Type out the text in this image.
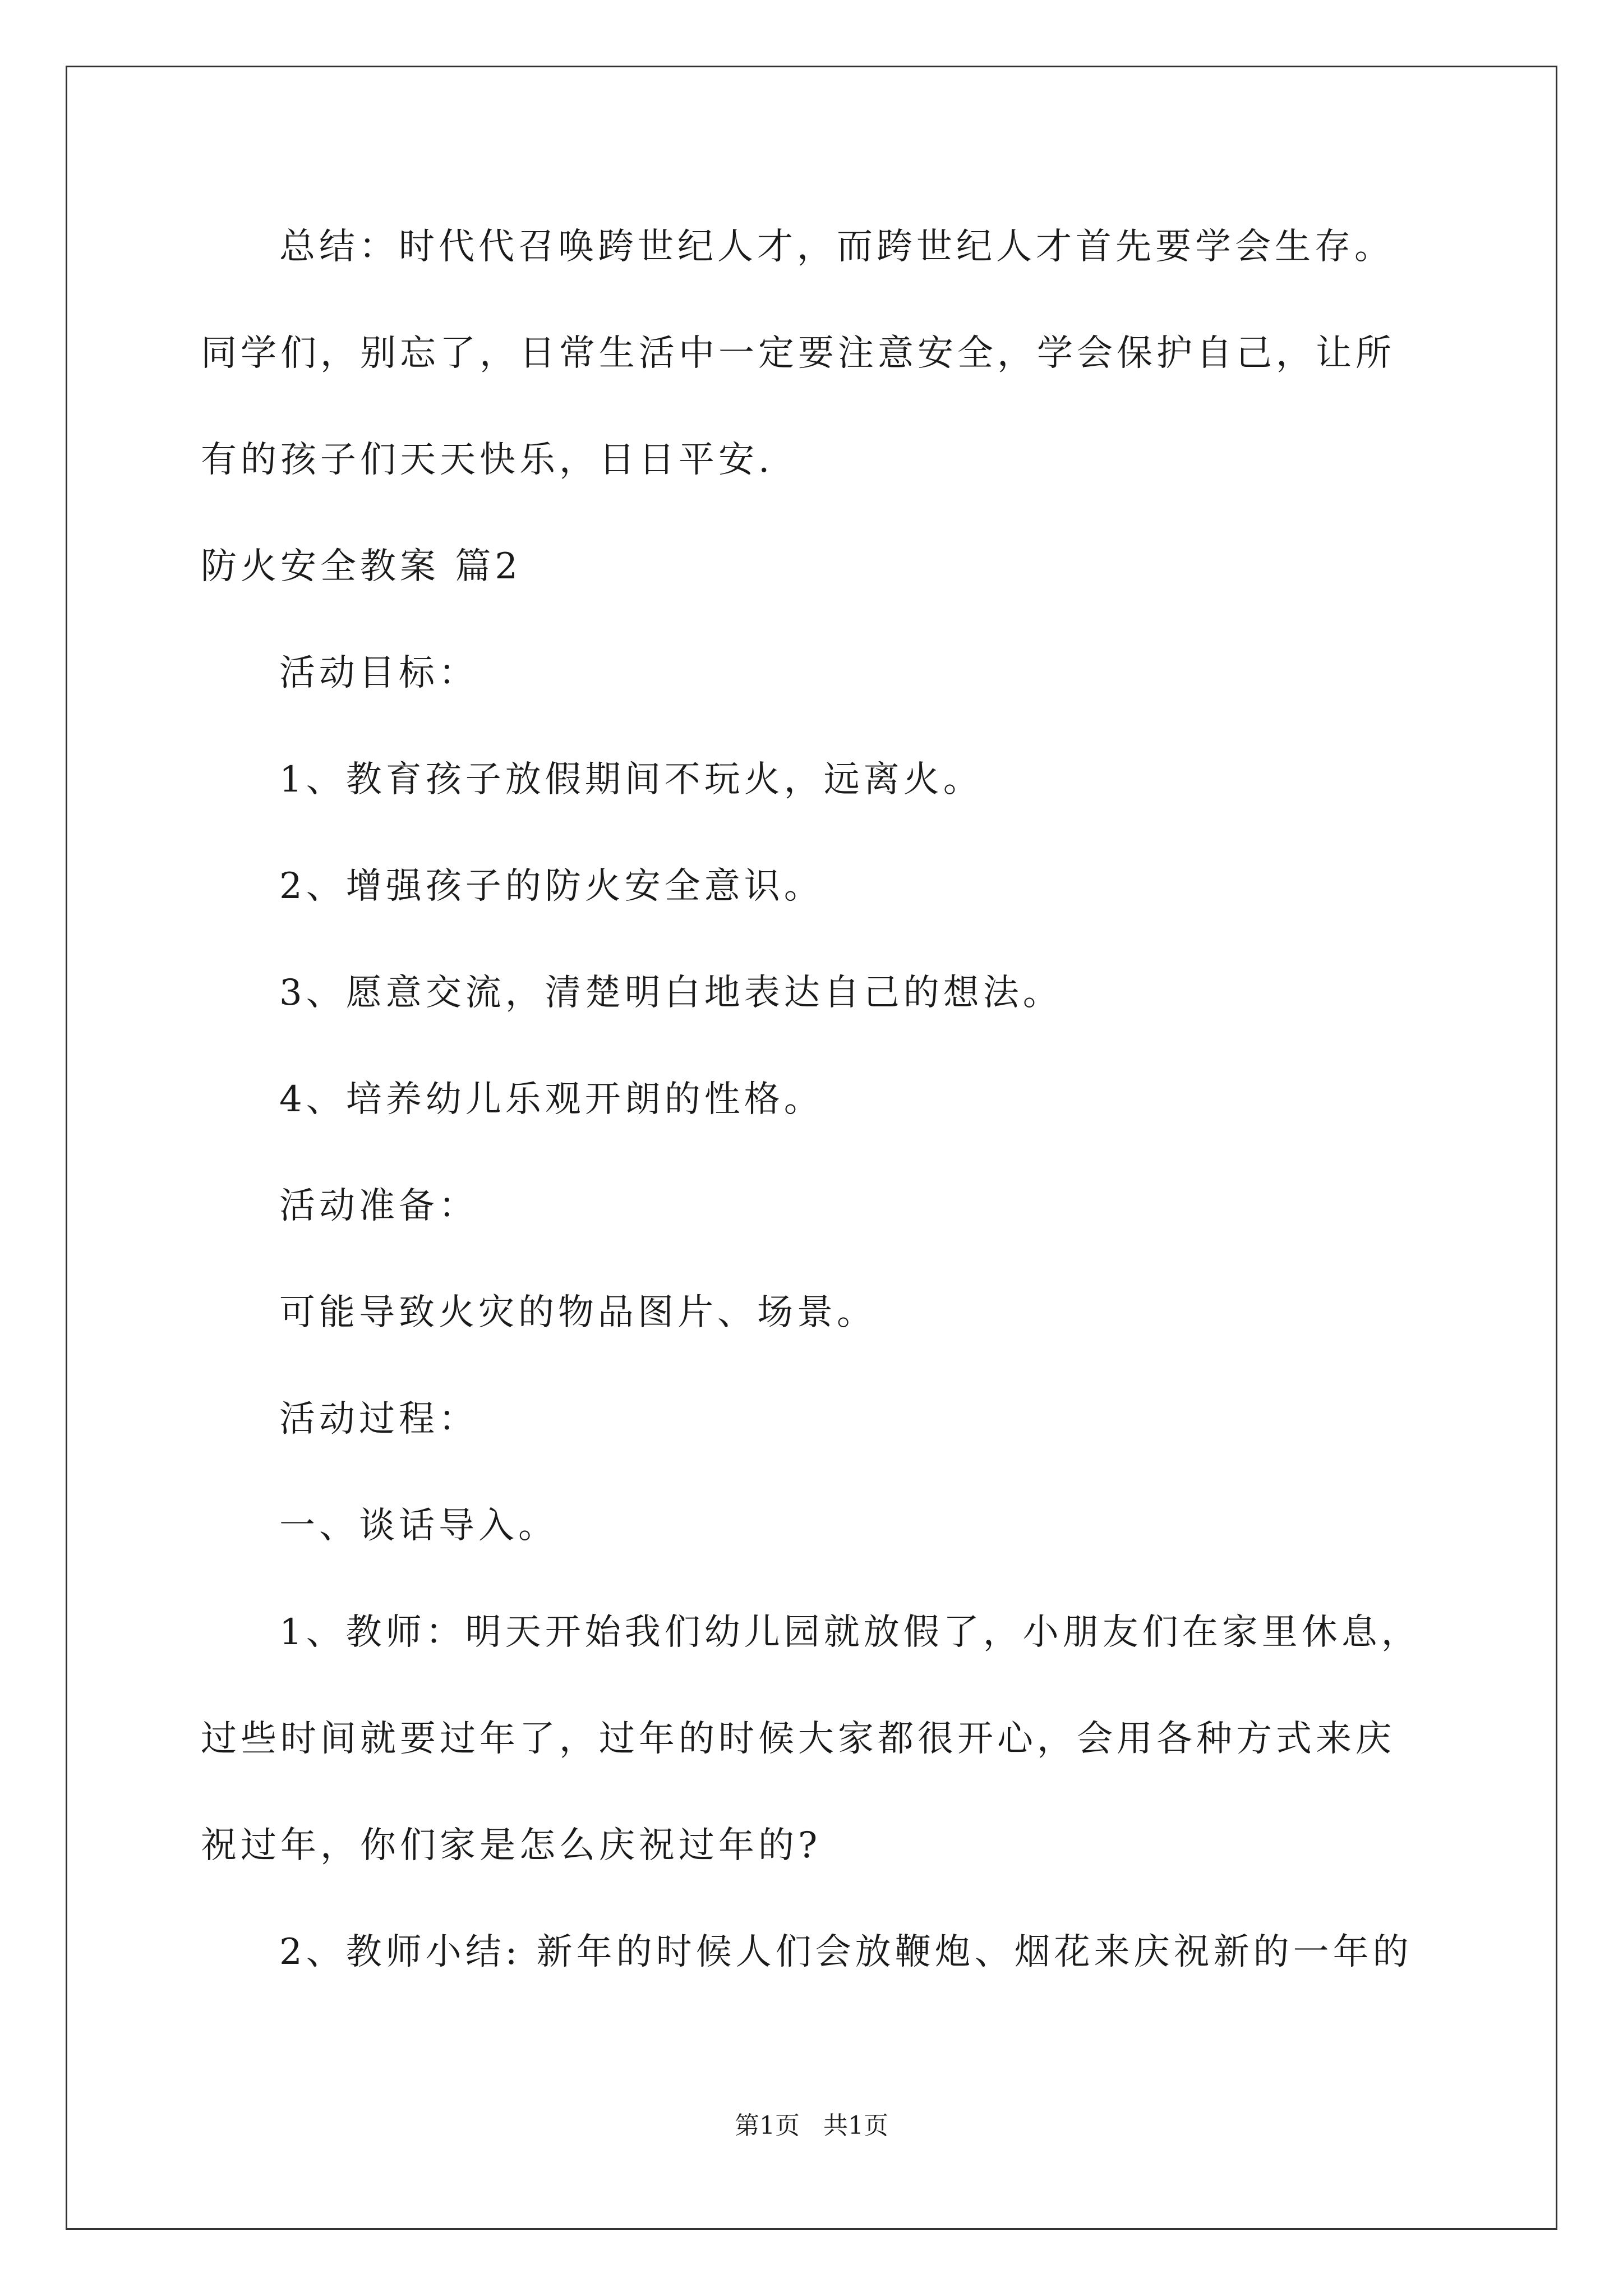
总结：时代代召唤跨世纪人才，而跨世纪人才首先要学会生存。
同学们，别忘了，日常生活中一定要注意安全，学会保护自己，让所
有的孩子们天天快乐，日日平安.
防火安全教案 篇2
活动目标：
1、教育孩子放假期间不玩火，远离火。
2、增强孩子的防火安全意识。
3、愿意交流，清楚明白地表达自己的想法。
4、培养幼儿乐观开朗的性格。
活动准备：
可能导致火灾的物品图片、场景。
活动过程：
一、谈话导入。
1、教师：明天开始我们幼儿园就放假了，小朋友们在家里休息，
过些时间就要过年了，过年的时候大家都很开心，会用各种方式来庆
祝过年，你们家是怎么庆祝过年的?
2、教师小结: 新年的时候人们会放鞭炮、烟花来庆祝新的一年的
第1页   共1页
